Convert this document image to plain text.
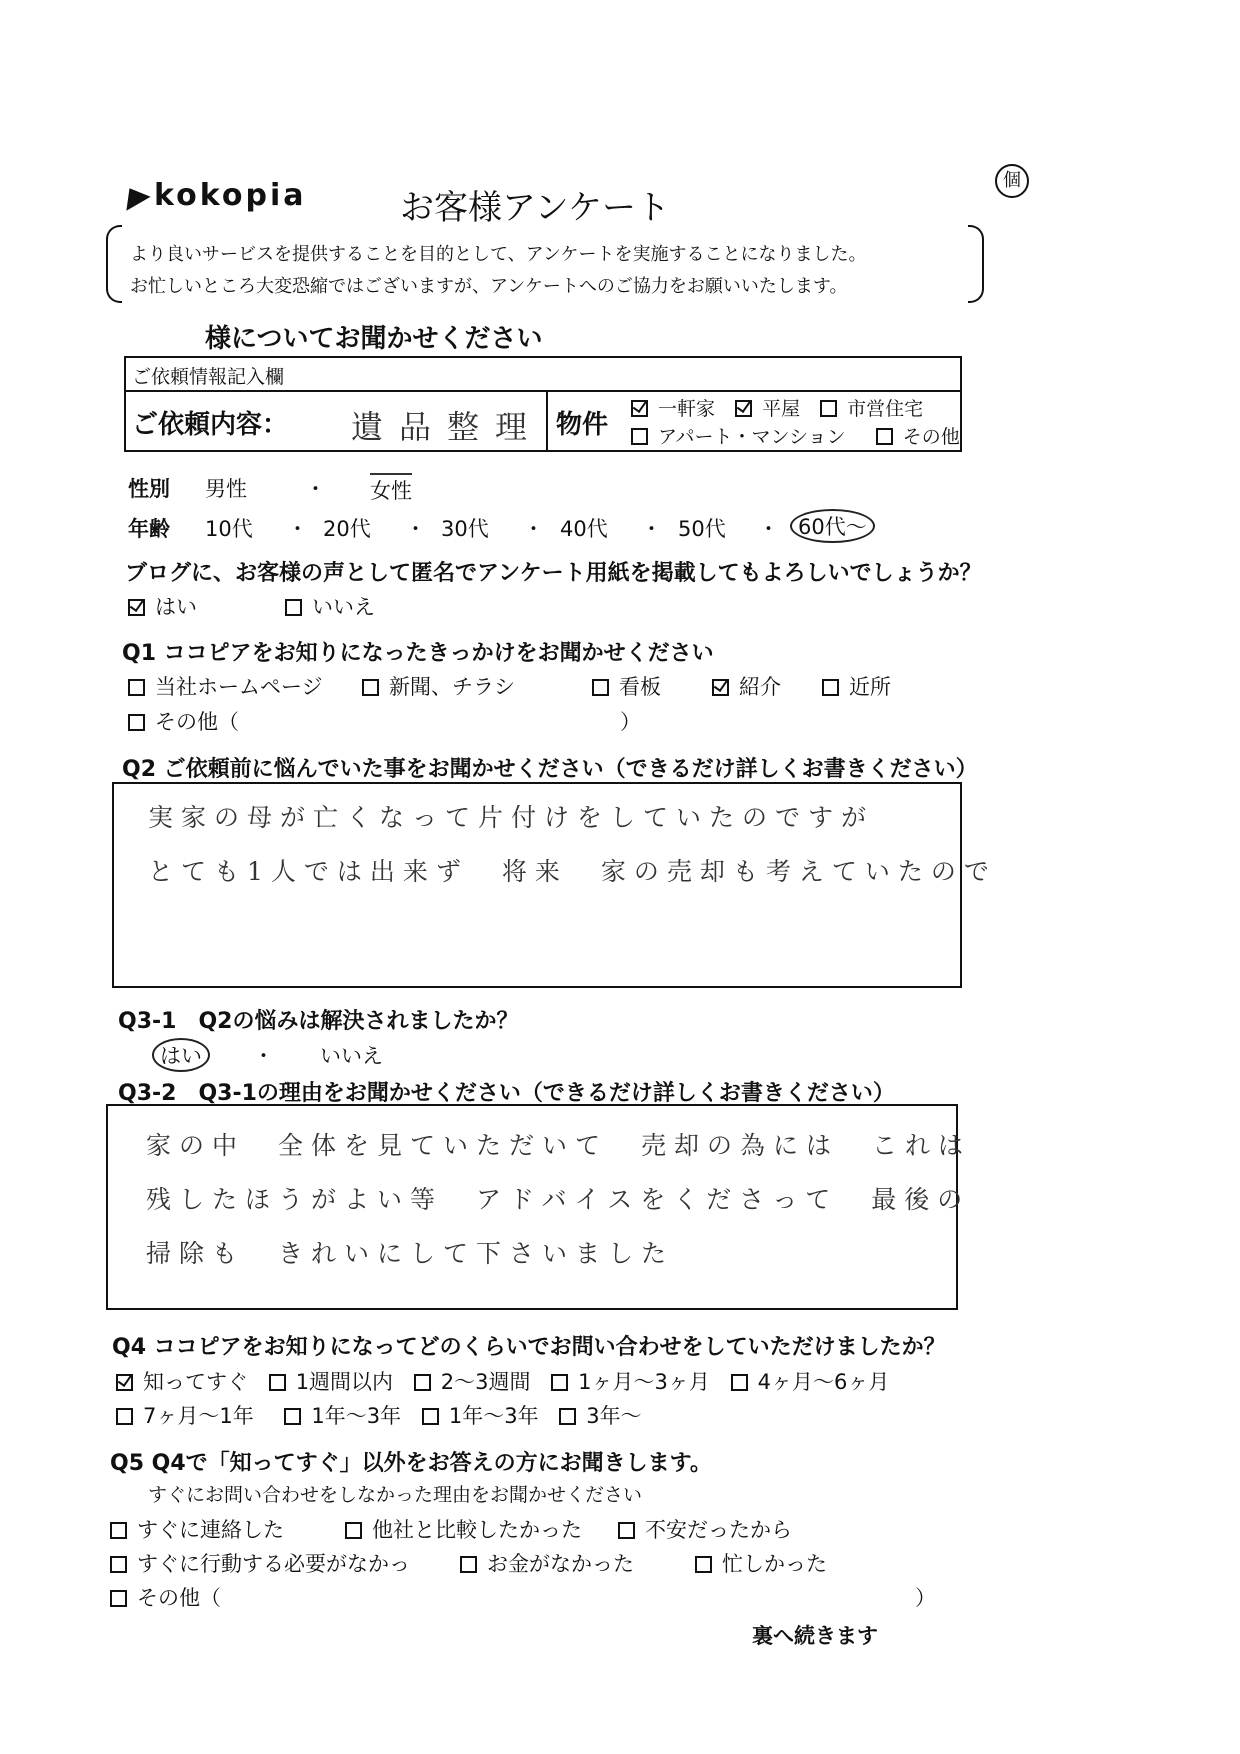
kokopia	お客様アンケート
個
より良いサービスを提供することを目的として、アンケートを実施することになりました。
お忙しいところ大変恐縮ではございますが、アンケートへのご協力をお願いいたします。
様についてお聞かせください
ご依頼情報記入欄
ご依頼内容： 遺品整理 物件
一軒家 平屋 市営住宅
アパート・マンション	その他
性別 男性	・ 女性
年齢 10代	20代	30代	40代	50代	60代〜
・	・	・	・	・
ブログに、お客様の声として匿名でアンケート用紙を掲載してもよろしいでしょうか？
はい	いいえ
Q1 ココピアをお知りになったきっかけをお聞かせください
当社ホームページ	新聞、チラシ	看板	紹介	近所
その他（	）
Q2 ご依頼前に悩んでいた事をお聞かせください（できるだけ詳しくお書きください）
実家の母が亡くなって片付けをしていたのですが
とても1人では出来ず　将来　家の売却も考えていたので
Q3-1　Q2の悩みは解決されましたか？
はい	・ いいえ
Q3-2　Q3-1の理由をお聞かせください（できるだけ詳しくお書きください）
家の中　全体を見ていただいて　売却の為には　これは
残したほうがよい等　アドバイスをくださって　最後の
掃除も　きれいにして下さいました
Q4 ココピアをお知りになってどのくらいでお問い合わせをしていただけましたか？
知ってすぐ 1週間以内 2〜3週間 1ヶ月〜3ヶ月 4ヶ月〜6ヶ月
7ヶ月〜1年	1年〜3年 1年〜3年 3年〜
Q5 Q4で「知ってすぐ」以外をお答えの方にお聞きします。
すぐにお問い合わせをしなかった理由をお聞かせください
すぐに連絡した	他社と比較したかった	不安だったから
すぐに行動する必要がなかっ	お金がなかった	忙しかった
その他（	）
裏へ続きます
